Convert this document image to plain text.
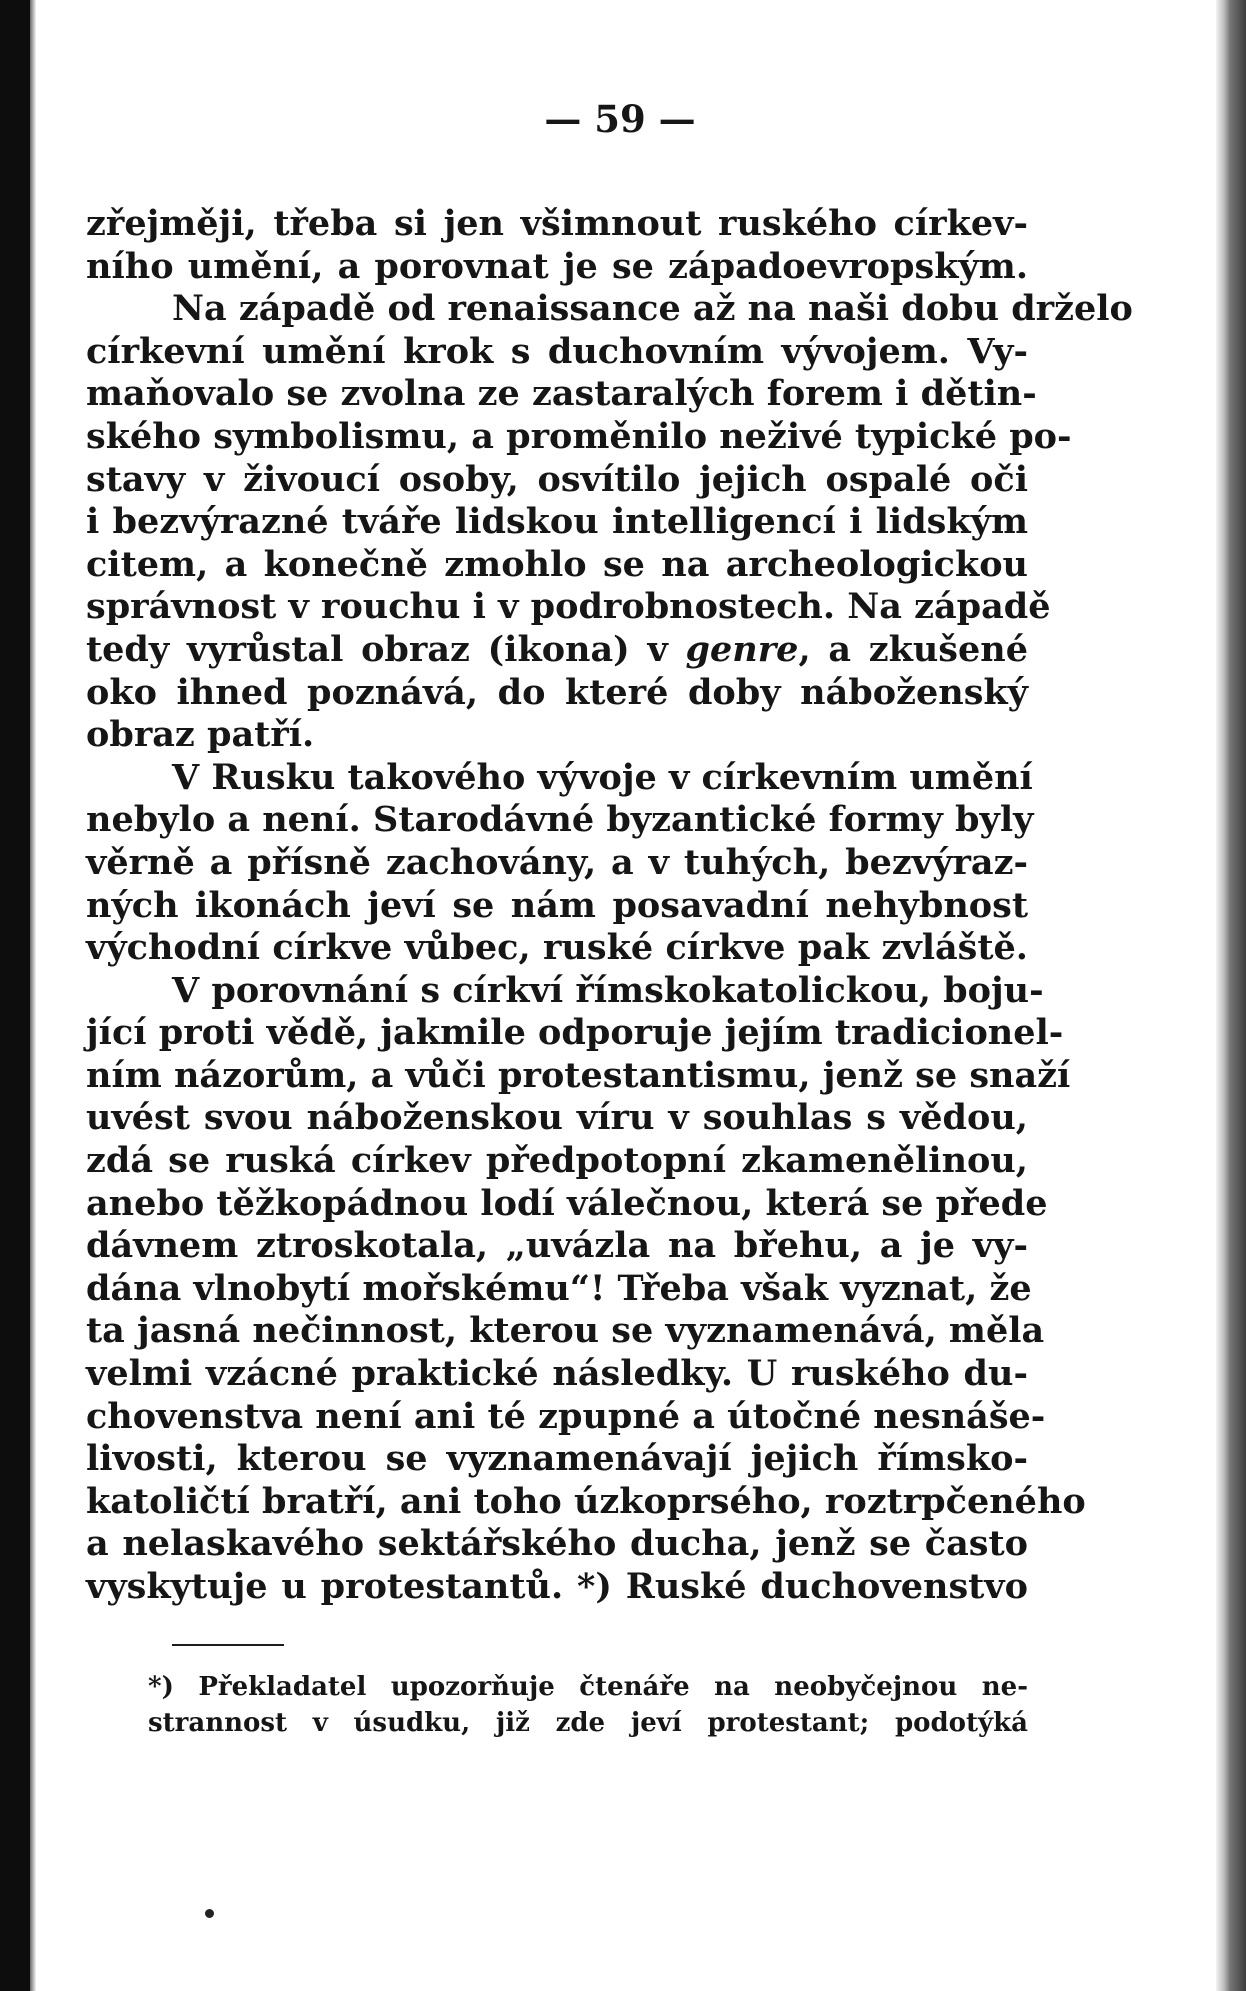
— 59 —
zřejměji, třeba si jen všimnout ruského církev-
ního umění, a porovnat je se západoevropským.
Na západě od renaissance až na naši dobu drželo
církevní umění krok s duchovním vývojem. Vy-
maňovalo se zvolna ze zastaralých forem i dětin-
ského symbolismu, a proměnilo neživé typické po-
stavy v živoucí osoby, osvítilo jejich ospalé oči
i bezvýrazné tváře lidskou intelligencí i lidským
citem, a konečně zmohlo se na archeologickou
správnost v rouchu i v podrobnostech. Na západě
tedy vyrůstal obraz (ikona) v genre, a zkušené
oko ihned poznává, do které doby náboženský
obraz patří.
V Rusku takového vývoje v církevním umění
nebylo a není. Starodávné byzantické formy byly
věrně a přísně zachovány, a v tuhých, bezvýraz-
ných ikonách jeví se nám posavadní nehybnost
východní církve vůbec, ruské církve pak zvláště.
V porovnání s církví římskokatolickou, boju-
jící proti vědě, jakmile odporuje jejím tradicionel-
ním názorům, a vůči protestantismu, jenž se snaží
uvést svou náboženskou víru v souhlas s vědou,
zdá se ruská církev předpotopní zkamenělinou,
anebo těžkopádnou lodí válečnou, která se přede
dávnem ztroskotala, „uvázla na břehu, a je vy-
dána vlnobytí mořskému“! Třeba však vyznat, že
ta jasná nečinnost, kterou se vyznamenává, měla
velmi vzácné praktické následky. U ruského du-
chovenstva není ani té zpupné a útočné nesnáše-
livosti, kterou se vyznamenávají jejich římsko-
katoličtí bratří, ani toho úzkoprsého, roztrpčeného
a nelaskavého sektářského ducha, jenž se často
vyskytuje u protestantů. *) Ruské duchovenstvo
*) Překladatel upozorňuje čtenáře na neobyčejnou ne-
strannost v úsudku, již zde jeví protestant; podotýká
